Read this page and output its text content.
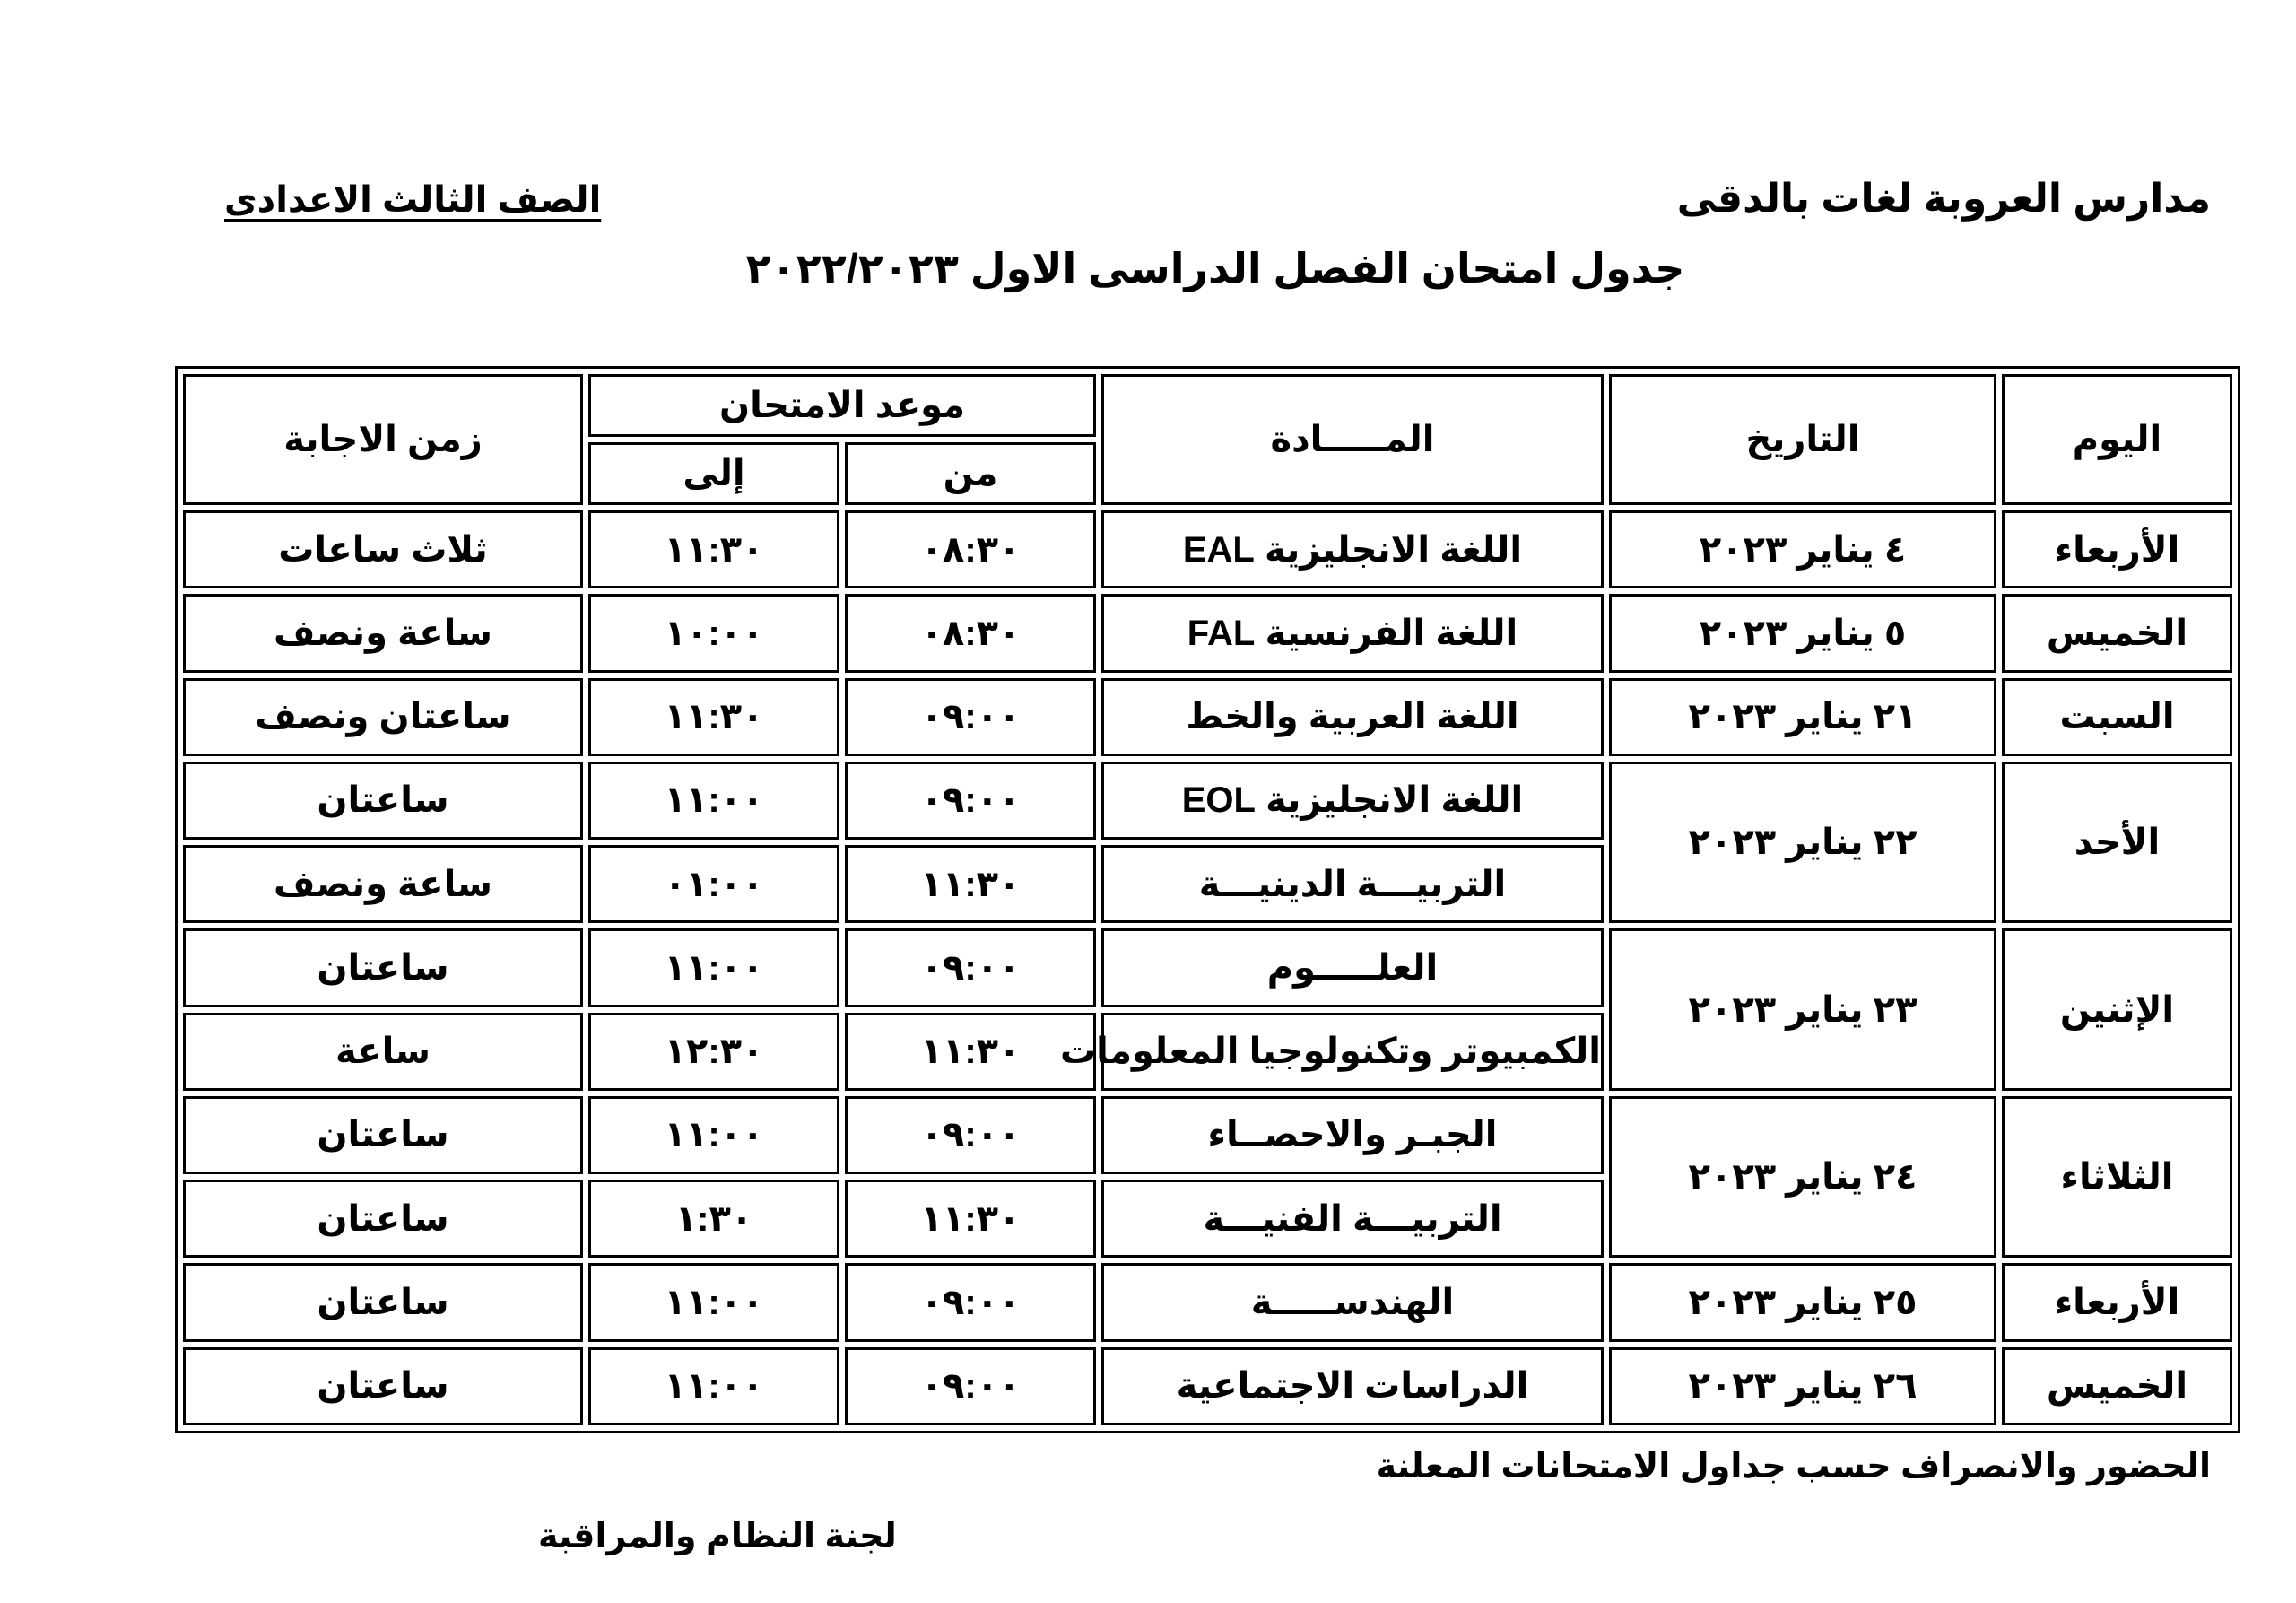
مدارس العروبة لغات بالدقى
الصف الثالث الاعدادى
جدول امتحان الفصل الدراسى الاول ٢٠٢٢/٢٠٢٣
اليوم	التاريخ	المـــــادة	موعد الامتحان		زمن الاجابة
			من	إلى	
الأربعاء	٤ يناير ٢٠٢٣	اللغة الانجليزية EAL	٠٨:٣٠	١١:٣٠	ثلاث ساعات
الخميس	٥ يناير ٢٠٢٣	اللغة الفرنسية FAL	٠٨:٣٠	١٠:٠٠	ساعة ونصف
السبت	٢١ يناير ٢٠٢٣	اللغة العربية والخط	٠٩:٠٠	١١:٣٠	ساعتان ونصف
الأحد	٢٢ يناير ٢٠٢٣	اللغة الانجليزية EOL	٠٩:٠٠	١١:٠٠	ساعتان
		التربيـــة الدينيـــة	١١:٣٠	٠١:٠٠	ساعة ونصف
الإثنين	٢٣ يناير ٢٠٢٣	العلـــــوم	٠٩:٠٠	١١:٠٠	ساعتان
		الكمبيوتر وتكنولوجيا المعلومات	١١:٣٠	١٢:٣٠	ساعة
الثلاثاء	٢٤ يناير ٢٠٢٣	الجبـر والاحصــاء	٠٩:٠٠	١١:٠٠	ساعتان
		التربيـــة الفنيـــة	١١:٣٠	١:٣٠	ساعتان
الأربعاء	٢٥ يناير ٢٠٢٣	الهندســـــة	٠٩:٠٠	١١:٠٠	ساعتان
الخميس	٢٦ يناير ٢٠٢٣	الدراسات الاجتماعية	٠٩:٠٠	١١:٠٠	ساعتان
الحضور والانصراف حسب جداول الامتحانات المعلنة
لجنة النظام والمراقبة
